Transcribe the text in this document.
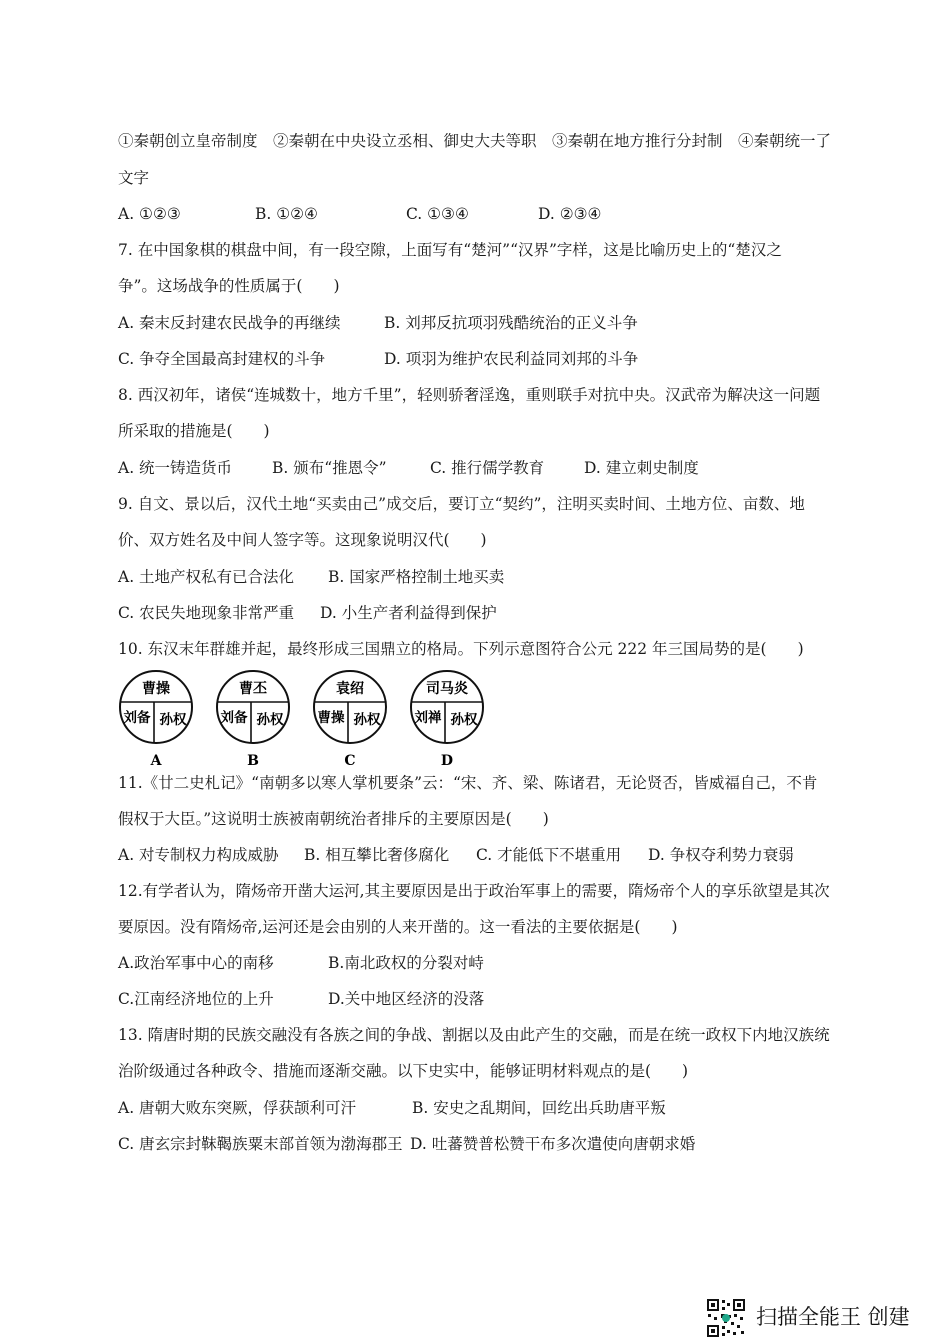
①秦朝创立皇帝制度　②秦朝在中央设立丞相、御史大夫等职　③秦朝在地方推行分封制　④秦朝统一了
文字
A. ①②③	B. ①②④	C. ①③④	D. ②③④
7. 在中国象棋的棋盘中间，有一段空隙，上面写有“楚河”“汉界”字样，这是比喻历史上的“楚汉之
争”。这场战争的性质属于(　　)
A. 秦末反封建农民战争的再继续	B. 刘邦反抗项羽残酷统治的正义斗争
C. 争夺全国最高封建权的斗争	D. 项羽为维护农民利益同刘邦的斗争
8. 西汉初年，诸侯“连城数十，地方千里”，轻则骄奢淫逸，重则联手对抗中央。汉武帝为解决这一问题
所采取的措施是(　　)
A. 统一铸造货币	B. 颁布“推恩令”	C. 推行儒学教育	D. 建立刺史制度
9. 自文、景以后，汉代土地“买卖由己”成交后，要订立“契约”，注明买卖时间、土地方位、亩数、地
价、双方姓名及中间人签字等。这现象说明汉代(　　)
A. 土地产权私有已合法化 B. 国家严格控制土地买卖
C. 农民失地现象非常严重 D. 小生产者利益得到保护
10. 东汉末年群雄并起，最终形成三国鼎立的格局。下列示意图符合公元 222 年三国局势的是(　　)
曹操
刘备 孙权
A
曹丕
刘备 孙权
B
袁绍
曹操 孙权
C
司马炎
刘禅 孙权
D
11.《廿二史札记》“南朝多以寒人掌机要条”云：“宋、齐、梁、陈诸君，无论贤否，皆威福自己，不肯
假权于大臣。”这说明士族被南朝统治者排斥的主要原因是(　　)
A. 对专制权力构成威胁 B. 相互攀比奢侈腐化 C. 才能低下不堪重用 D. 争权夺利势力衰弱
12.有学者认为，隋炀帝开凿大运河,其主要原因是出于政治军事上的需要，隋炀帝个人的享乐欲望是其次
要原因。没有隋炀帝,运河还是会由别的人来开凿的。这一看法的主要依据是(　　)
A.政治军事中心的南移	B.南北政权的分裂对峙
C.江南经济地位的上升	D.关中地区经济的没落
13. 隋唐时期的民族交融没有各族之间的争战、割据以及由此产生的交融，而是在统一政权下内地汉族统
治阶级通过各种政令、措施而逐渐交融。以下史实中，能够证明材料观点的是(　　)
A. 唐朝大败东突厥，俘获颉利可汗	B. 安史之乱期间，回纥出兵助唐平叛
C. 唐玄宗封靺鞨族粟末部首领为渤海郡王 D. 吐蕃赞普松赞干布多次遣使向唐朝求婚
扫描全能王 创建
